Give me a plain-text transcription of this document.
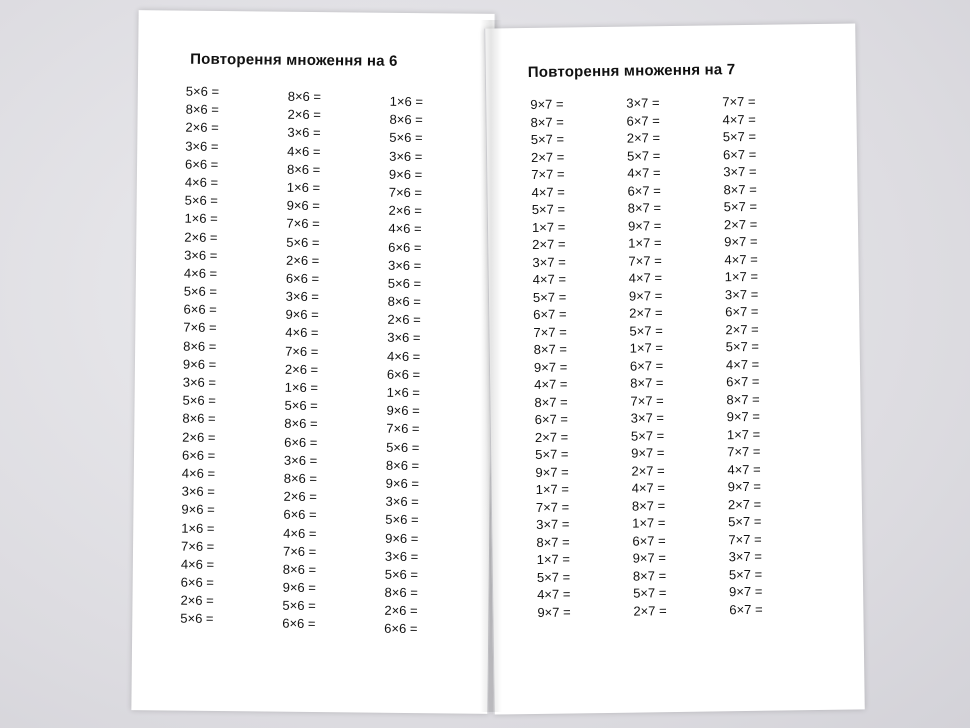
Повторення множення на 6
5×6 =
8×6 =
2×6 =
3×6 =
6×6 =
4×6 =
5×6 =
1×6 =
2×6 =
3×6 =
4×6 =
5×6 =
6×6 =
7×6 =
8×6 =
9×6 =
3×6 =
5×6 =
8×6 =
2×6 =
6×6 =
4×6 =
3×6 =
9×6 =
1×6 =
7×6 =
4×6 =
6×6 =
2×6 =
5×6 =
8×6 =
2×6 =
3×6 =
4×6 =
8×6 =
1×6 =
9×6 =
7×6 =
5×6 =
2×6 =
6×6 =
3×6 =
9×6 =
4×6 =
7×6 =
2×6 =
1×6 =
5×6 =
8×6 =
6×6 =
3×6 =
8×6 =
2×6 =
6×6 =
4×6 =
7×6 =
8×6 =
9×6 =
5×6 =
6×6 =
1×6 =
8×6 =
5×6 =
3×6 =
9×6 =
7×6 =
2×6 =
4×6 =
6×6 =
3×6 =
5×6 =
8×6 =
2×6 =
3×6 =
4×6 =
6×6 =
1×6 =
9×6 =
7×6 =
5×6 =
8×6 =
9×6 =
3×6 =
5×6 =
9×6 =
3×6 =
5×6 =
8×6 =
2×6 =
6×6 =
Повторення множення на 7
9×7 =
8×7 =
5×7 =
2×7 =
7×7 =
4×7 =
5×7 =
1×7 =
2×7 =
3×7 =
4×7 =
5×7 =
6×7 =
7×7 =
8×7 =
9×7 =
4×7 =
8×7 =
6×7 =
2×7 =
5×7 =
9×7 =
1×7 =
7×7 =
3×7 =
8×7 =
1×7 =
5×7 =
4×7 =
9×7 =
3×7 =
6×7 =
2×7 =
5×7 =
4×7 =
6×7 =
8×7 =
9×7 =
1×7 =
7×7 =
4×7 =
9×7 =
2×7 =
5×7 =
1×7 =
6×7 =
8×7 =
7×7 =
3×7 =
5×7 =
9×7 =
2×7 =
4×7 =
8×7 =
1×7 =
6×7 =
9×7 =
8×7 =
5×7 =
2×7 =
7×7 =
4×7 =
5×7 =
6×7 =
3×7 =
8×7 =
5×7 =
2×7 =
9×7 =
4×7 =
1×7 =
3×7 =
6×7 =
2×7 =
5×7 =
4×7 =
6×7 =
8×7 =
9×7 =
1×7 =
7×7 =
4×7 =
9×7 =
2×7 =
5×7 =
7×7 =
3×7 =
5×7 =
9×7 =
6×7 =
